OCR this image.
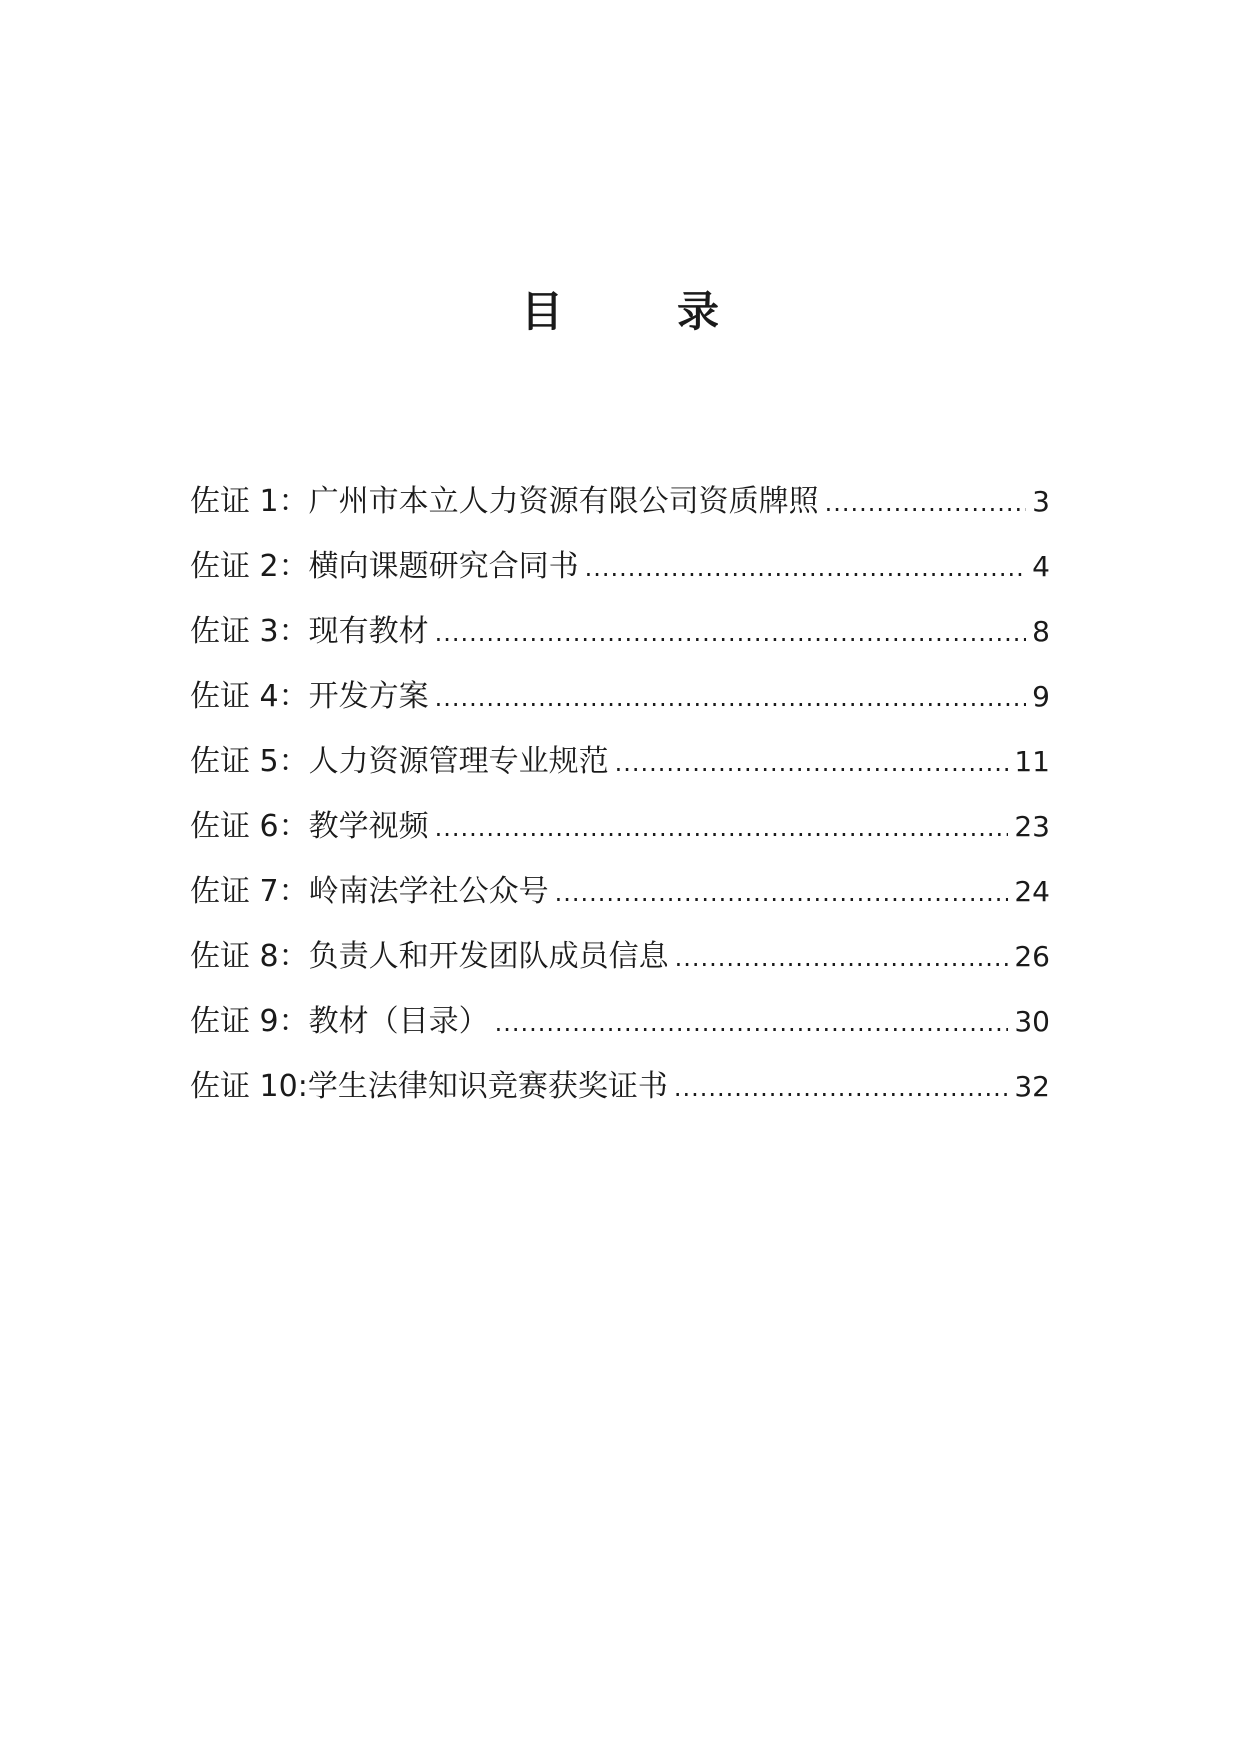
目　录
佐证 1：广州市本立人力资源有限公司资质牌照 .....	3
佐证 2：横向课题研究合同书 .....	4
佐证 3：现有教材 .....	8
佐证 4：开发方案 .....	9
佐证 5：人力资源管理专业规范 .....	11
佐证 6：教学视频 .....	23
佐证 7：岭南法学社公众号 .....	24
佐证 8：负责人和开发团队成员信息 .....	26
佐证 9：教材（目录） .....	30
佐证 10:学生法律知识竞赛获奖证书 .....	32
